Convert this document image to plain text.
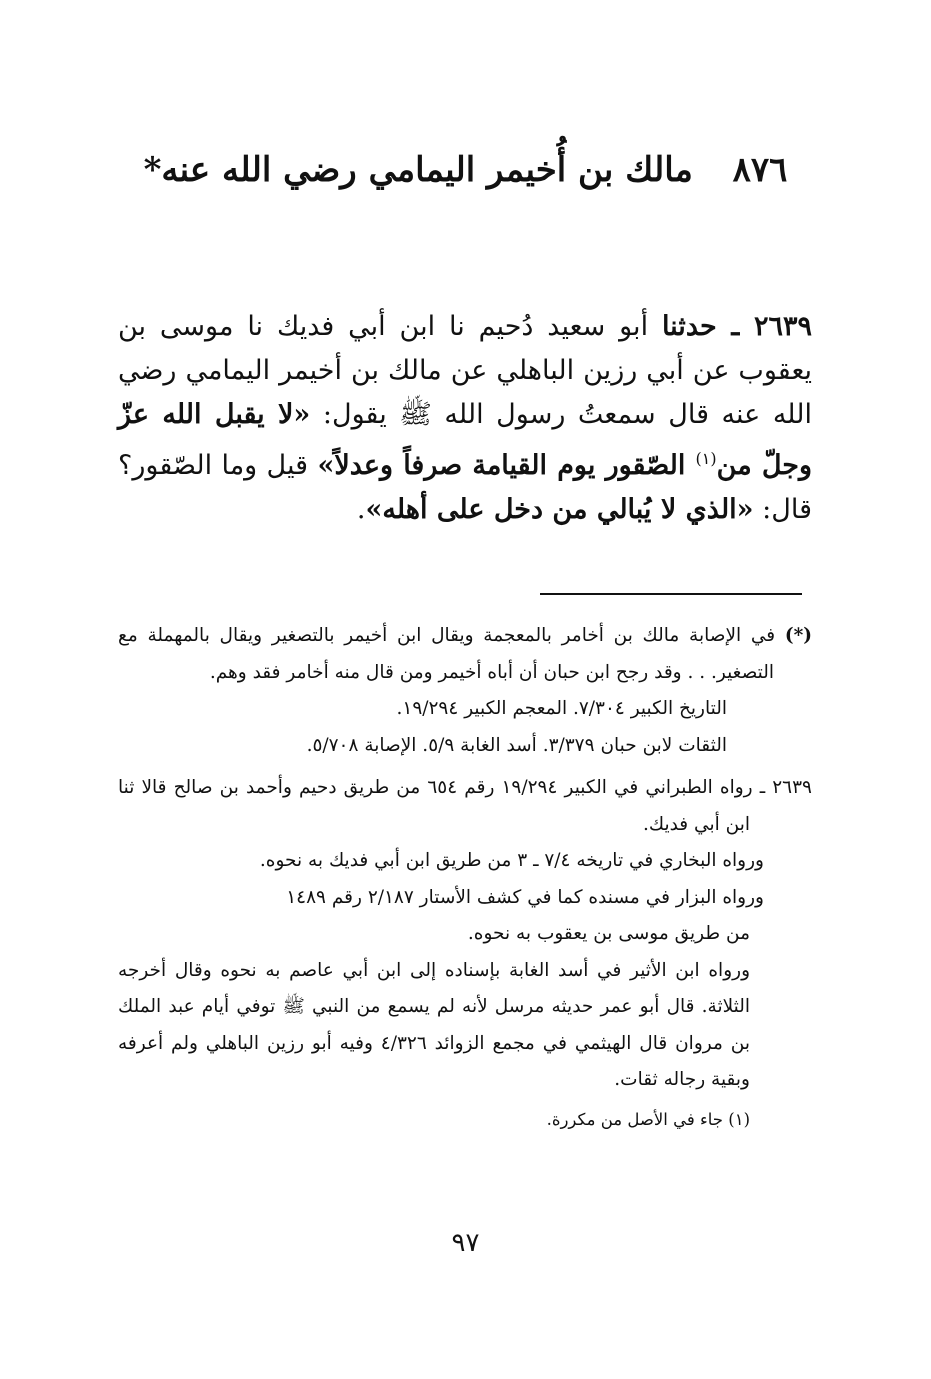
٨٧٦ مالك بن أُخيمر اليمامي رضي الله عنه*
٢٦٣٩ ـ حدثنا أبو سعيد دُحيم نا ابن أبي فديك نا موسى بن يعقوب عن أبي رزين الباهلي عن مالك بن أخيمر اليمامي رضي الله عنه قال سمعتُ رسول الله ﷺ يقول: «لا يقبل الله عزّ وجلّ من$^{(١)}$ الصّقور يوم القيامة صرفاً وعدلاً» قيل وما الصّقور؟ قال: «الذي لا يُبالي من دخل على أهله».
(*) في الإصابة مالك بن أخامر بالمعجمة ويقال ابن أخيمر بالتصغير ويقال بالمهملة مع التصغير. . . وقد رجح ابن حبان أن أباه أخيمر ومن قال منه أخامر فقد وهم.
التاريخ الكبير ٧/٣٠٤. المعجم الكبير ١٩/٢٩٤.
الثقات لابن حبان ٣/٣٧٩. أسد الغابة ٥/٩. الإصابة ٥/٧٠٨.
٢٦٣٩ ـ رواه الطبراني في الكبير ١٩/٢٩٤ رقم ٦٥٤ من طريق دحيم وأحمد بن صالح قالا ثنا ابن أبي فديك.
ورواه البخاري في تاريخه ٧/٤ ـ ٣ من طريق ابن أبي فديك به نحوه.
ورواه البزار في مسنده كما في كشف الأستار ٢/١٨٧ رقم ١٤٨٩
من طريق موسى بن يعقوب به نحوه.
ورواه ابن الأثير في أسد الغابة بإسناده إلى ابن أبي عاصم به نحوه وقال أخرجه الثلاثة. قال أبو عمر حديثه مرسل لأنه لم يسمع من النبي ﷺ توفي أيام عبد الملك بن مروان قال الهيثمي في مجمع الزوائد ٤/٣٢٦ وفيه أبو رزين الباهلي ولم أعرفه وبقية رجاله ثقات.
(١) جاء في الأصل من مكررة.
٩٧
